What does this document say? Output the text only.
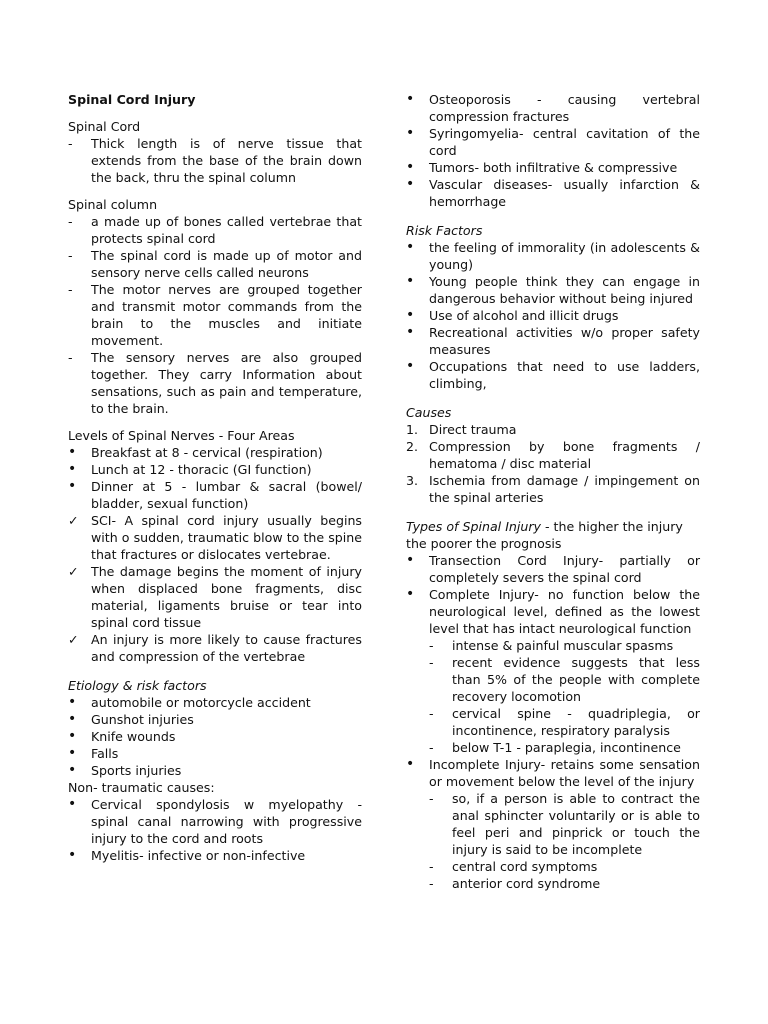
Spinal Cord Injury

Spinal Cord

-	Thick length is of nerve tissue that extends from the base of the brain down the back, thru the spinal column

Spinal column

-	a made up of bones called vertebrae that protects spinal cord
-	The spinal cord is made up of motor and sensory nerve cells called neurons
-	The motor nerves are grouped together and transmit motor commands from the brain to the muscles and initiate movement.
-	The sensory nerves are also grouped together. They carry Information about sensations, such as pain and temperature, to the brain.

Levels of Spinal Nerves - Four Areas

•	Breakfast at 8 - cervical (respiration)
•	Lunch at 12 - thoracic (GI function)
•	Dinner at 5 - lumbar & sacral (bowel/ bladder, sexual function)
✓ SCI- A spinal cord injury usually begins with o sudden, traumatic blow to the spine that fractures or dislocates vertebrae.
✓ The damage begins the moment of injury when displaced bone fragments, disc material, ligaments bruise or tear into spinal cord tissue
✓ An injury is more likely to cause fractures and compression of the vertebrae

Etiology & risk factors

•	automobile or motorcycle accident
•	Gunshot injuries
•	Knife wounds
•	Falls
•	Sports injuries

Non- traumatic causes:

•	Cervical spondylosis w myelopathy - spinal canal narrowing with progressive injury to the cord and roots
•	Myelitis- infective or non-infective
•	Osteoporosis - causing vertebral compression fractures
•	Syringomyelia- central cavitation of the cord
•	Tumors- both infiltrative & compressive
•	Vascular diseases- usually infarction & hemorrhage

Risk Factors

•	the feeling of immorality (in adolescents & young)
•	Young people think they can engage in dangerous behavior without being injured
•	Use of alcohol and illicit drugs
•	Recreational activities w/o proper safety measures
•	Occupations that need to use ladders, climbing,

Causes

1. Direct trauma
2. Compression by bone fragments / hematoma / disc material
3. Ischemia from damage / impingement on the spinal arteries

Types of Spinal Injury - the higher the injury the poorer the prognosis

•	Transection Cord Injury- partially or completely severs the spinal cord
•	Complete Injury- no function below the neurological level, defined as the lowest level that has intact neurological function
-	intense & painful muscular spasms
-	recent evidence suggests that less than 5% of the people with complete recovery locomotion
-	cervical spine - quadriplegia, or incontinence, respiratory paralysis
-	below T-1 - paraplegia, incontinence
•	Incomplete Injury- retains some sensation or movement below the level of the injury
-	so, if a person is able to contract the anal sphincter voluntarily or is able to feel peri and pinprick or touch the injury is said to be incomplete
-	central cord symptoms
-	anterior cord syndrome
